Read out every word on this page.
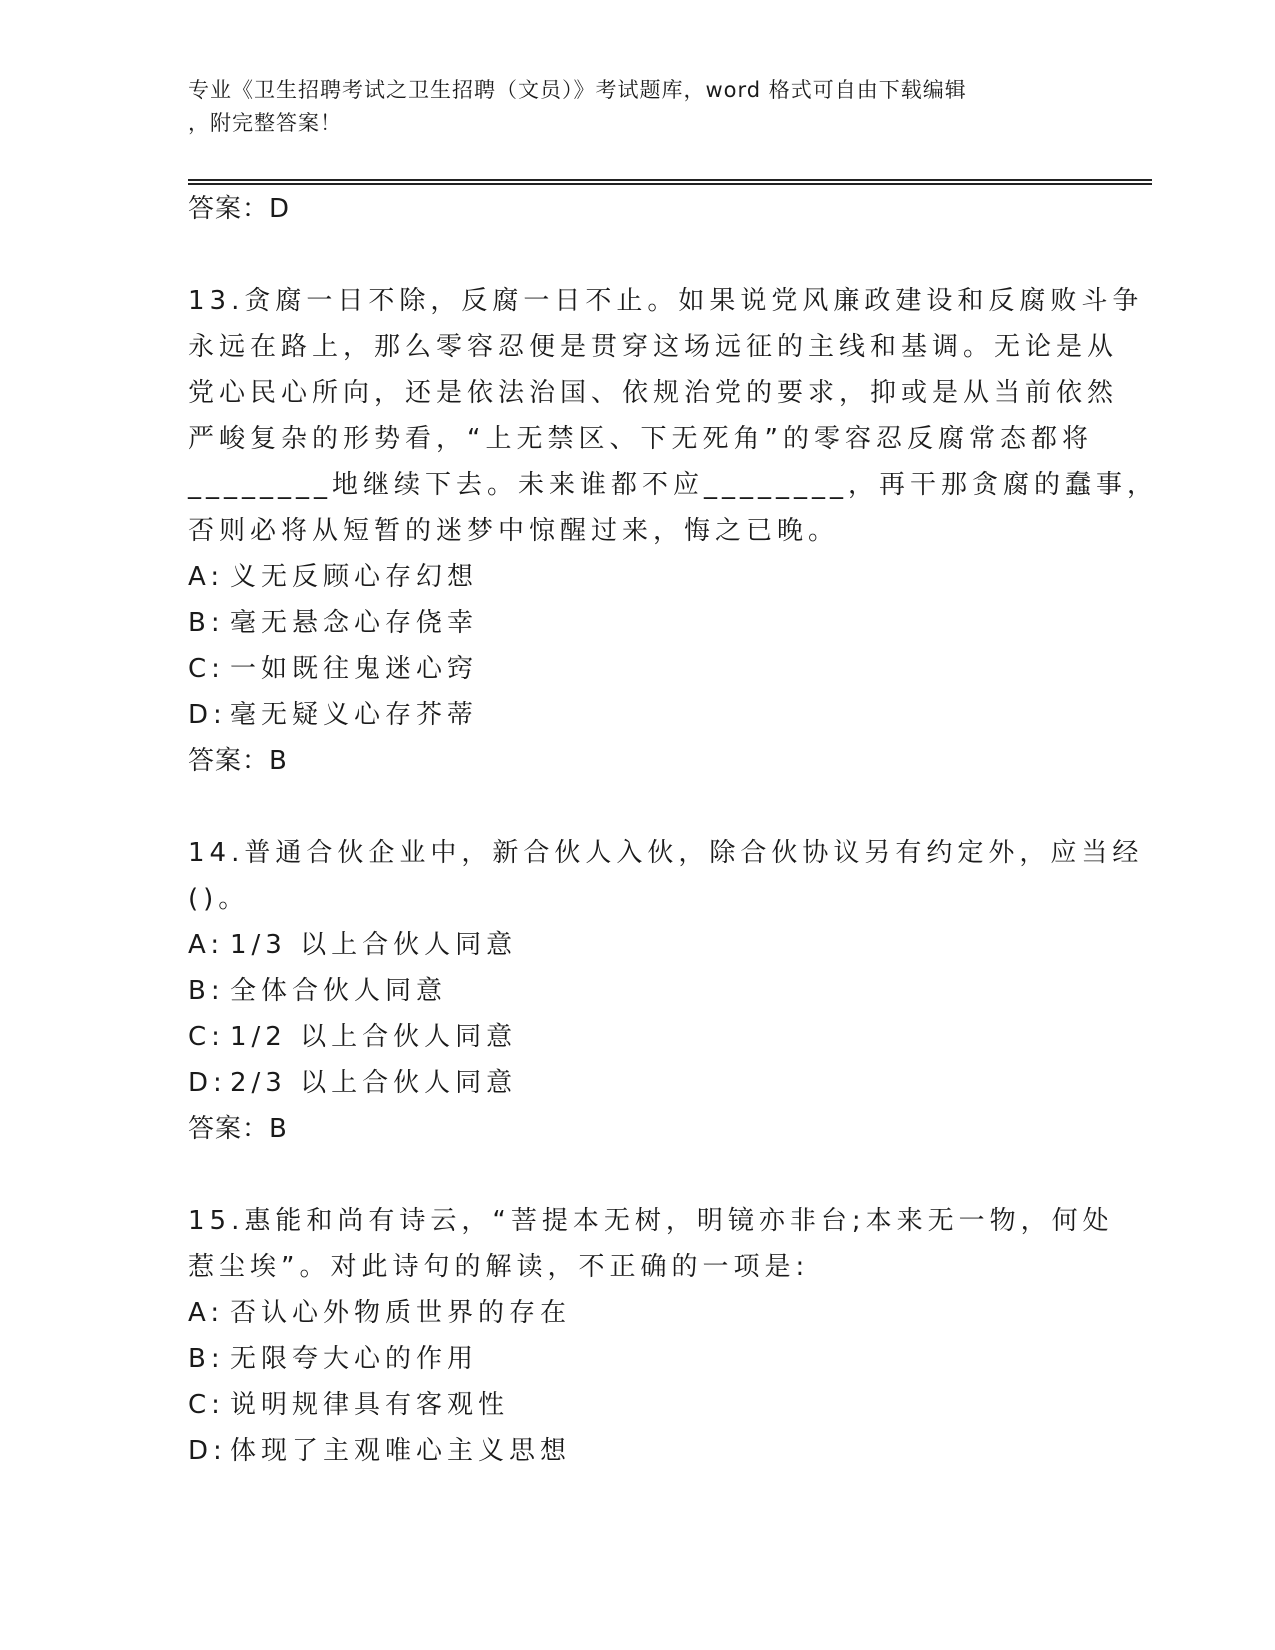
专业《卫生招聘考试之卫生招聘（文员）》考试题库，word 格式可自由下载编辑
，附完整答案！

答案：D

13.贪腐一日不除，反腐一日不止。如果说党风廉政建设和反腐败斗争
永远在路上，那么零容忍便是贯穿这场远征的主线和基调。无论是从
党心民心所向，还是依法治国、依规治党的要求，抑或是从当前依然
严峻复杂的形势看，“上无禁区、下无死角”的零容忍反腐常态都将
________地继续下去。未来谁都不应________，再干那贪腐的蠢事，
否则必将从短暂的迷梦中惊醒过来，悔之已晚。

A: 义无反顾心存幻想
B: 毫无悬念心存侥幸
C: 一如既往鬼迷心窍
D: 毫无疑义心存芥蒂

答案：B

14.普通合伙企业中，新合伙人入伙，除合伙协议另有约定外，应当经
()。

A: 1/3 以上合伙人同意
B: 全体合伙人同意
C: 1/2 以上合伙人同意
D: 2/3 以上合伙人同意

答案：B

15.惠能和尚有诗云，“菩提本无树，明镜亦非台;本来无一物，何处
惹尘埃”。对此诗句的解读，不正确的一项是:

A: 否认心外物质世界的存在
B: 无限夸大心的作用
C: 说明规律具有客观性
D: 体现了主观唯心主义思想
